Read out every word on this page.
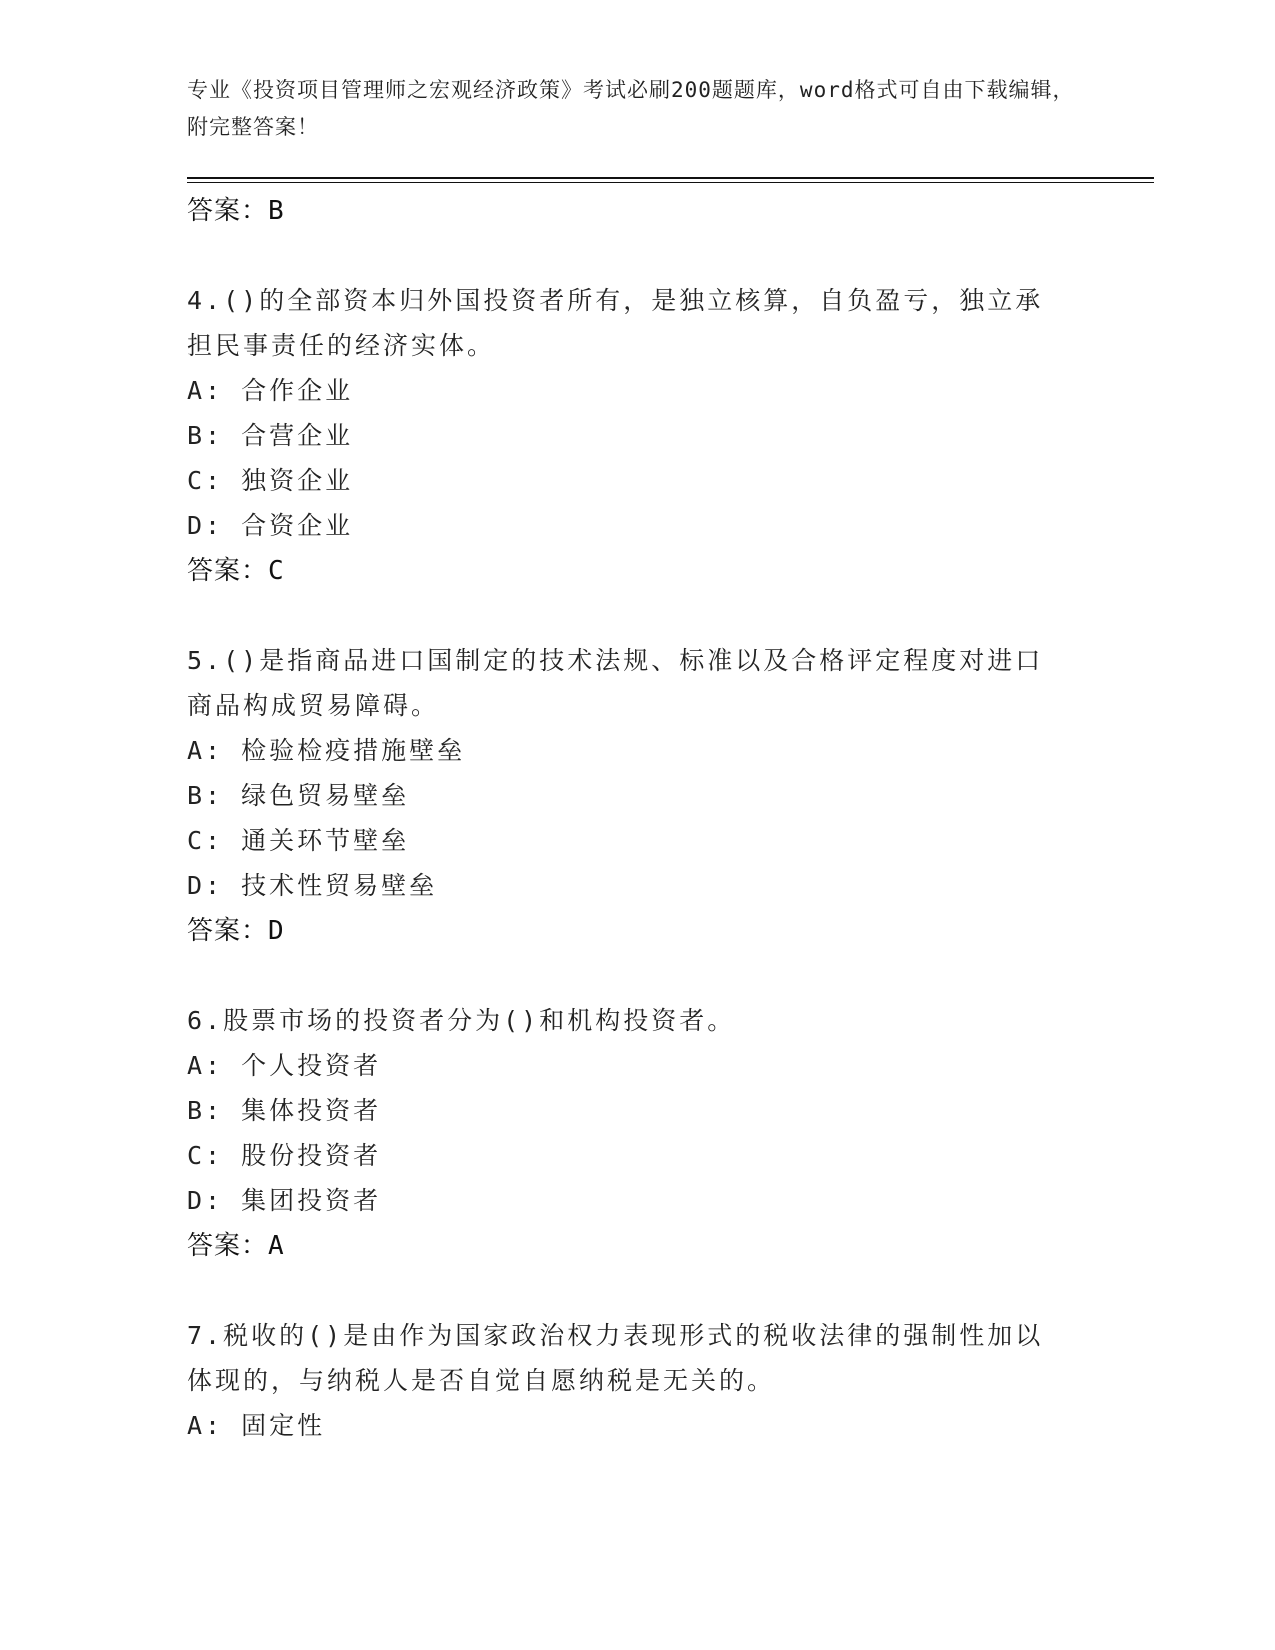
专业《投资项目管理师之宏观经济政策》考试必刷200题题库，word格式可自由下载编辑，附完整答案！
答案：B
4.()的全部资本归外国投资者所有，是独立核算，自负盈亏，独立承担民事责任的经济实体。
A: 合作企业
B: 合营企业
C: 独资企业
D: 合资企业
答案：C
5.()是指商品进口国制定的技术法规、标准以及合格评定程度对进口商品构成贸易障碍。
A: 检验检疫措施壁垒
B: 绿色贸易壁垒
C: 通关环节壁垒
D: 技术性贸易壁垒
答案：D
6.股票市场的投资者分为()和机构投资者。
A: 个人投资者
B: 集体投资者
C: 股份投资者
D: 集团投资者
答案：A
7.税收的()是由作为国家政治权力表现形式的税收法律的强制性加以体现的，与纳税人是否自觉自愿纳税是无关的。
A: 固定性
